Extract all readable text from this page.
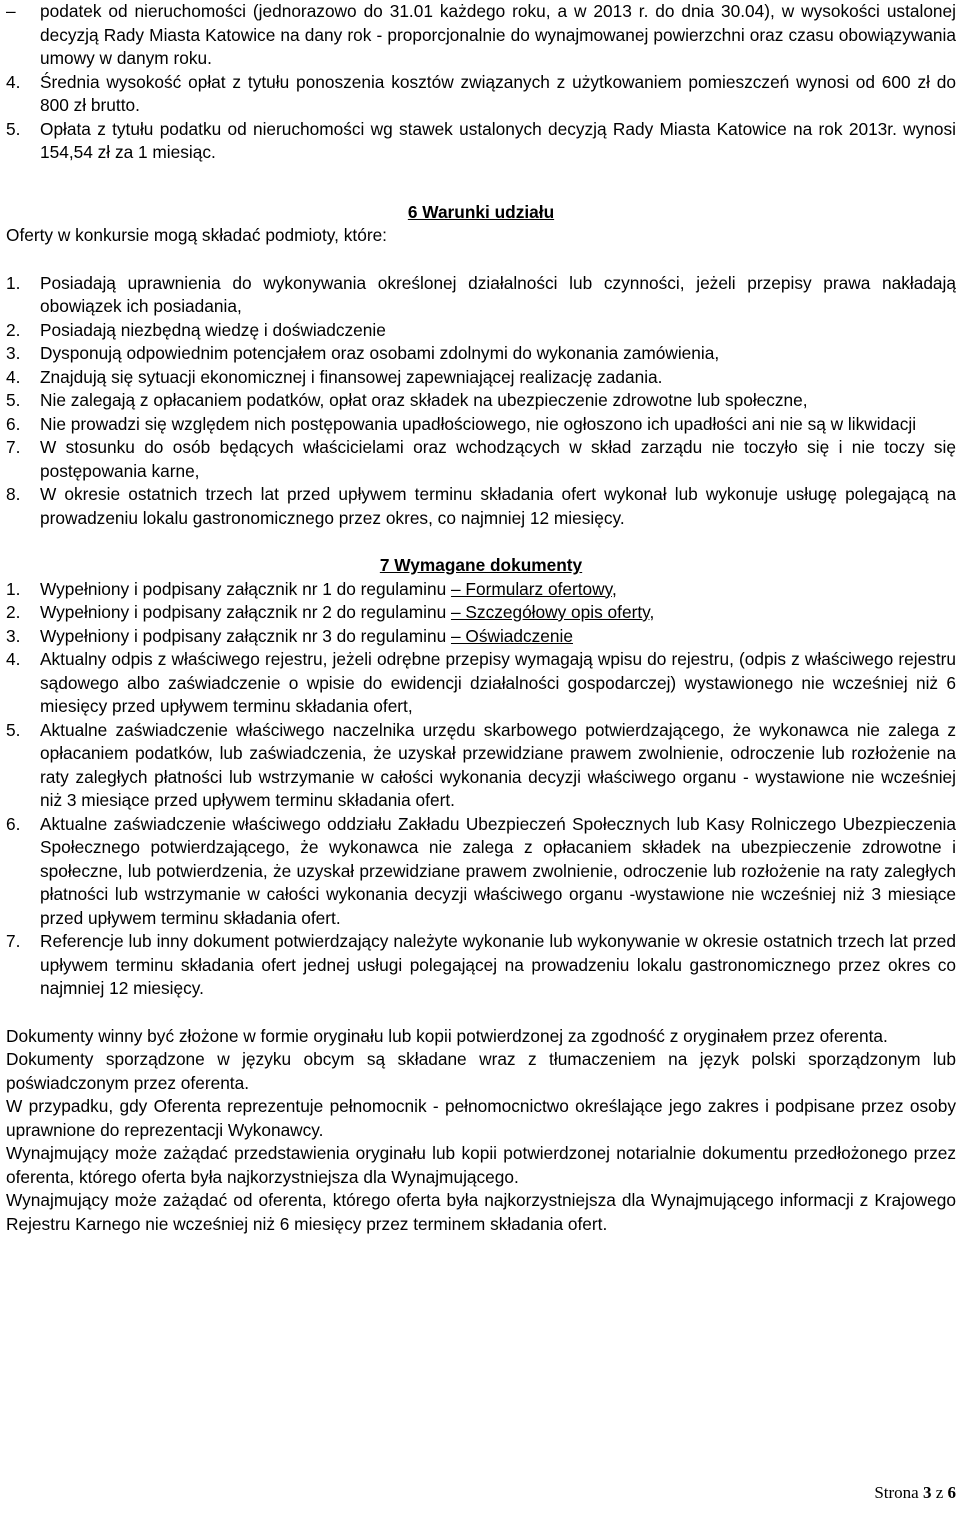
–	podatek od nieruchomości (jednorazowo do 31.01 każdego roku, a w 2013 r. do dnia 30.04), w wysokości ustalonej decyzją Rady Miasta Katowice na dany rok - proporcjonalnie do wynajmowanej powierzchni oraz czasu obowiązywania umowy w danym roku.
4.	Średnia wysokość opłat z tytułu ponoszenia kosztów związanych z użytkowaniem pomieszczeń wynosi od 600 zł do 800 zł brutto.
5.	Opłata z tytułu podatku od nieruchomości wg stawek ustalonych decyzją Rady Miasta Katowice na rok 2013r. wynosi 154,54 zł za 1 miesiąc.
6 Warunki udziału
Oferty w konkursie mogą składać podmioty, które:
1.	Posiadają uprawnienia do wykonywania określonej działalności lub czynności, jeżeli przepisy prawa nakładają obowiązek ich posiadania,
2.	Posiadają niezbędną wiedzę i doświadczenie
3.	Dysponują odpowiednim potencjałem oraz osobami zdolnymi do wykonania zamówienia,
4.	Znajdują się sytuacji ekonomicznej i finansowej zapewniającej realizację zadania.
5.	Nie zalegają z opłacaniem podatków, opłat oraz składek na ubezpieczenie zdrowotne lub społeczne,
6.	Nie prowadzi się względem nich postępowania upadłościowego, nie ogłoszono ich upadłości ani nie są w likwidacji
7.	W stosunku do osób będących właścicielami oraz wchodzących w skład zarządu nie toczyło się i nie toczy się postępowania karne,
8.	W okresie ostatnich trzech lat przed upływem terminu składania ofert wykonał lub wykonuje usługę polegającą na prowadzeniu lokalu gastronomicznego przez okres, co najmniej 12 miesięcy.
7 Wymagane dokumenty
1.	Wypełniony i podpisany załącznik nr 1 do regulaminu – Formularz ofertowy,
2.	Wypełniony i podpisany załącznik nr 2 do regulaminu – Szczegółowy opis oferty,
3.	Wypełniony i podpisany załącznik nr 3 do regulaminu – Oświadczenie
4.	Aktualny odpis z właściwego rejestru, jeżeli odrębne przepisy wymagają wpisu do rejestru, (odpis z właściwego rejestru sądowego albo zaświadczenie o wpisie do ewidencji działalności gospodarczej) wystawionego nie wcześniej niż 6 miesięcy przed upływem terminu składania ofert,
5.	Aktualne zaświadczenie właściwego naczelnika urzędu skarbowego potwierdzającego, że wykonawca nie zalega z opłacaniem podatków, lub zaświadczenia, że uzyskał przewidziane prawem zwolnienie, odroczenie lub rozłożenie na raty zaległych płatności lub wstrzymanie w całości wykonania decyzji właściwego organu - wystawione nie wcześniej niż 3 miesiące przed upływem terminu składania ofert.
6.	Aktualne zaświadczenie właściwego oddziału Zakładu Ubezpieczeń Społecznych lub Kasy Rolniczego Ubezpieczenia Społecznego potwierdzającego, że wykonawca nie zalega z opłacaniem składek na ubezpieczenie zdrowotne i społeczne, lub potwierdzenia, że uzyskał przewidziane prawem zwolnienie, odroczenie lub rozłożenie na raty zaległych płatności lub wstrzymanie w całości wykonania decyzji właściwego organu -wystawione nie wcześniej niż 3 miesiące przed upływem terminu składania ofert.
7.	Referencje lub inny dokument potwierdzający należyte wykonanie lub wykonywanie w okresie ostatnich trzech lat przed upływem terminu składania ofert jednej usługi polegającej na prowadzeniu lokalu gastronomicznego przez okres co najmniej 12 miesięcy.

Dokumenty winny być złożone w formie oryginału lub kopii potwierdzonej za zgodność z oryginałem przez oferenta.

Dokumenty sporządzone w języku obcym są składane wraz z tłumaczeniem na język polski sporządzonym lub poświadczonym przez oferenta.

W przypadku, gdy Oferenta reprezentuje pełnomocnik - pełnomocnictwo określające jego zakres i podpisane przez osoby uprawnione do reprezentacji Wykonawcy.

Wynajmujący może zażądać przedstawienia oryginału lub kopii potwierdzonej notarialnie dokumentu przedłożonego przez oferenta, którego oferta była najkorzystniejsza dla Wynajmującego.

Wynajmujący może zażądać od oferenta, którego oferta była najkorzystniejsza dla Wynajmującego informacji z Krajowego Rejestru Karnego nie wcześniej niż 6 miesięcy przez terminem składania ofert.

Strona 3 z 6
